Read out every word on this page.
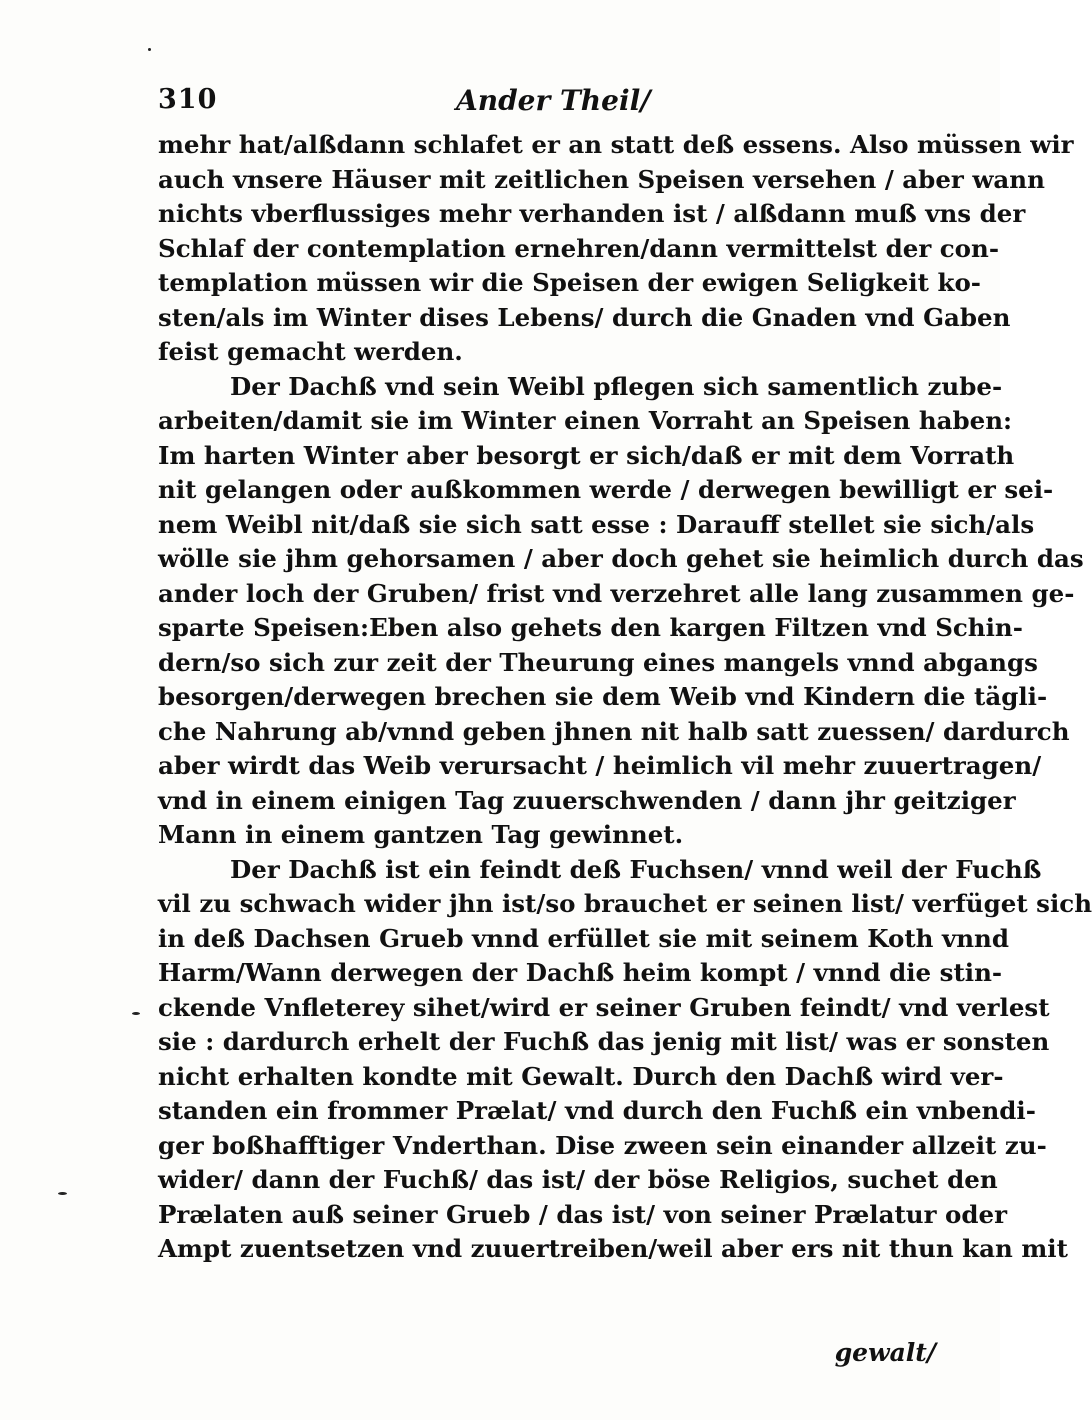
310	Ander Theil/
mehr hat/alßdann schlafet er an statt deß essens. Also müssen wir
auch vnsere Häuser mit zeitlichen Speisen versehen / aber wann
nichts vberflussiges mehr verhanden ist / alßdann muß vns der
Schlaf der contemplation ernehren/dann vermittelst der con-
templation müssen wir die Speisen der ewigen Seligkeit ko-
sten/als im Winter dises Lebens/ durch die Gnaden vnd Gaben
feist gemacht werden.
Der Dachß vnd sein Weibl pflegen sich samentlich zube-
arbeiten/damit sie im Winter einen Vorraht an Speisen haben:
Im harten Winter aber besorgt er sich/daß er mit dem Vorrath
nit gelangen oder außkommen werde / derwegen bewilligt er sei-
nem Weibl nit/daß sie sich satt esse : Darauff stellet sie sich/als
wölle sie jhm gehorsamen / aber doch gehet sie heimlich durch das
ander loch der Gruben/ frist vnd verzehret alle lang zusammen ge-
sparte Speisen:Eben also gehets den kargen Filtzen vnd Schin-
dern/so sich zur zeit der Theurung eines mangels vnnd abgangs
besorgen/derwegen brechen sie dem Weib vnd Kindern die tägli-
che Nahrung ab/vnnd geben jhnen nit halb satt zuessen/ dardurch
aber wirdt das Weib verursacht / heimlich vil mehr zuuertragen/
vnd in einem einigen Tag zuuerschwenden / dann jhr geitziger
Mann in einem gantzen Tag gewinnet.
Der Dachß ist ein feindt deß Fuchsen/ vnnd weil der Fuchß
vil zu schwach wider jhn ist/so brauchet er seinen list/ verfüget sich
in deß Dachsen Grueb vnnd erfüllet sie mit seinem Koth vnnd
Harm/Wann derwegen der Dachß heim kompt / vnnd die stin-
ckende Vnfleterey sihet/wird er seiner Gruben feindt/ vnd verlest
sie : dardurch erhelt der Fuchß das jenig mit list/ was er sonsten
nicht erhalten kondte mit Gewalt. Durch den Dachß wird ver-
standen ein frommer Prælat/ vnd durch den Fuchß ein vnbendi-
ger boßhafftiger Vnderthan. Dise zween sein einander allzeit zu-
wider/ dann der Fuchß/ das ist/ der böse Religios, suchet den
Prælaten auß seiner Grueb / das ist/ von seiner Prælatur oder
Ampt zuentsetzen vnd zuuertreiben/weil aber ers nit thun kan mit
gewalt/
